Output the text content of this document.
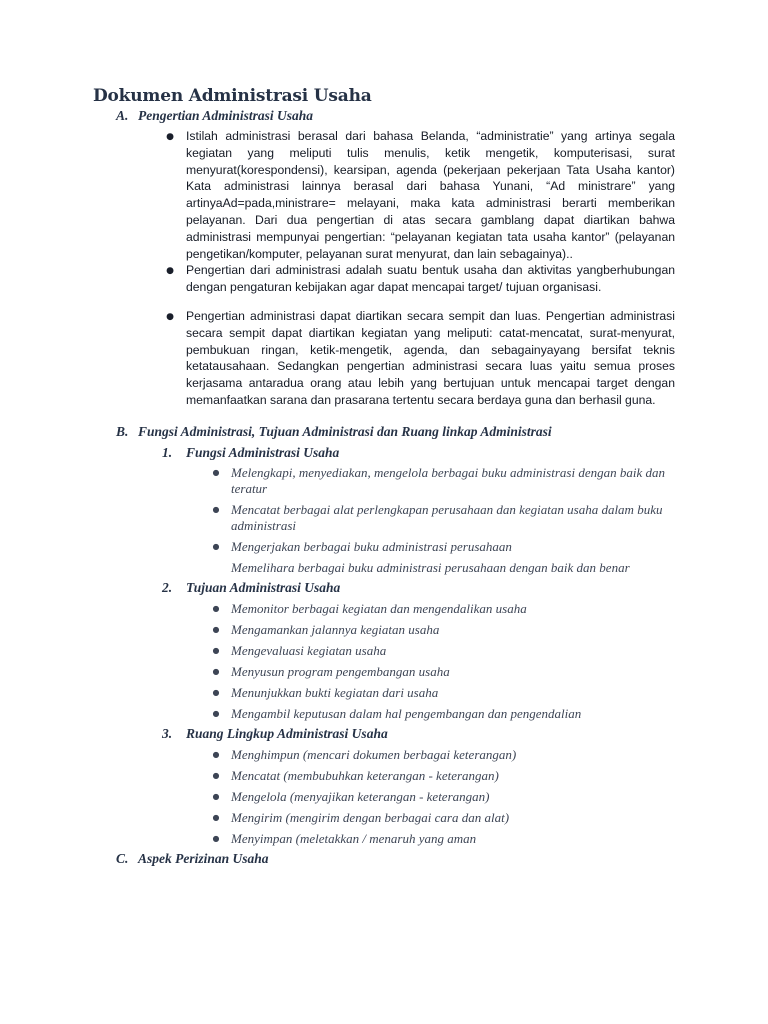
Dokumen Administrasi Usaha
A. Pengertian Administrasi Usaha
● Istilah administrasi berasal dari bahasa Belanda, “administratie” yang artinya segala kegiatan yang meliputi tulis menulis, ketik mengetik, komputerisasi, surat menyurat(korespondensi), kearsipan, agenda (pekerjaan pekerjaan Tata Usaha kantor) Kata administrasi lainnya berasal dari bahasa Yunani, “Ad ministrare” yang artinyaAd=pada,ministrare= melayani, maka kata administrasi berarti memberikan pelayanan. Dari dua pengertian di atas secara gamblang dapat diartikan bahwa administrasi mempunyai pengertian: “pelayanan kegiatan tata usaha kantor” (pelayanan pengetikan/komputer, pelayanan surat menyurat, dan lain sebagainya)..
● Pengertian dari administrasi adalah suatu bentuk usaha dan aktivitas yangberhubungan dengan pengaturan kebijakan agar dapat mencapai target/ tujuan organisasi.
● Pengertian administrasi dapat diartikan secara sempit dan luas. Pengertian administrasi secara sempit dapat diartikan kegiatan yang meliputi: catat-mencatat, surat-menyurat, pembukuan ringan, ketik-mengetik, agenda, dan sebagainyayang bersifat teknis ketatausahaan. Sedangkan pengertian administrasi secara luas yaitu semua proses kerjasama antaradua orang atau lebih yang bertujuan untuk mencapai target dengan memanfaatkan sarana dan prasarana tertentu secara berdaya guna dan berhasil guna.
B. Fungsi Administrasi, Tujuan Administrasi dan Ruang linkap Administrasi
1. Fungsi Administrasi Usaha
● Melengkapi, menyediakan, mengelola berbagai buku administrasi dengan baik dan teratur
● Mencatat berbagai alat perlengkapan perusahaan dan kegiatan usaha dalam buku administrasi
● Mengerjakan berbagai buku administrasi perusahaan
Memelihara berbagai buku administrasi perusahaan dengan baik dan benar
2. Tujuan Administrasi Usaha
● Memonitor berbagai kegiatan dan mengendalikan usaha
● Mengamankan jalannya kegiatan usaha
● Mengevaluasi kegiatan usaha
● Menyusun program pengembangan usaha
● Menunjukkan bukti kegiatan dari usaha
● Mengambil keputusan dalam hal pengembangan dan pengendalian
3. Ruang Lingkup Administrasi Usaha
● Menghimpun (mencari dokumen berbagai keterangan)
● Mencatat (membubuhkan keterangan - keterangan)
● Mengelola (menyajikan keterangan - keterangan)
● Mengirim (mengirim dengan berbagai cara dan alat)
● Menyimpan (meletakkan / menaruh yang aman
C. Aspek Perizinan Usaha
